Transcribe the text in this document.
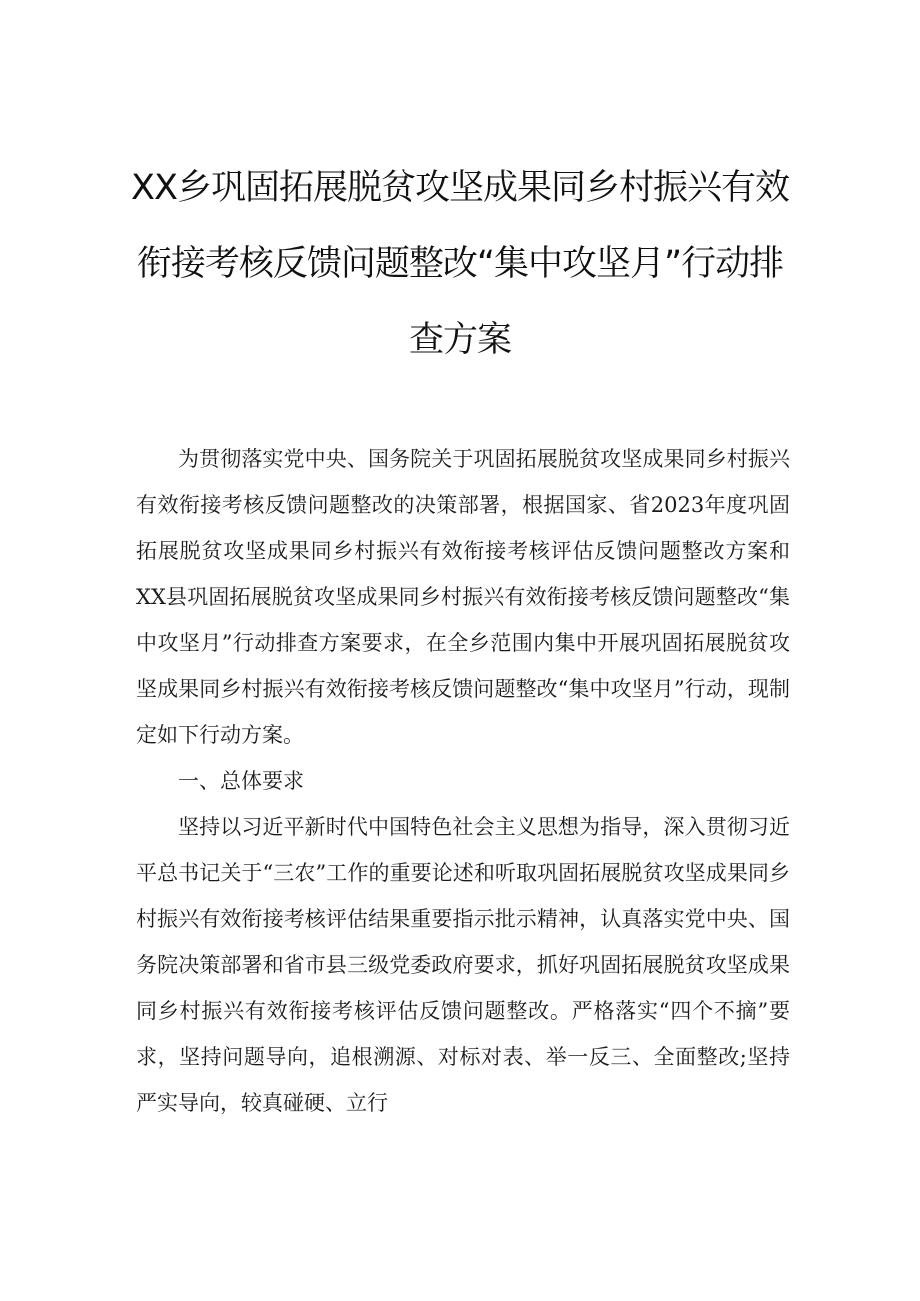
XX乡巩固拓展脱贫攻坚成果同乡村振兴有效衔接考核反馈问题整改“集中攻坚月”行动排查方案

为贯彻落实党中央、国务院关于巩固拓展脱贫攻坚成果同乡村振兴有效衔接考核反馈问题整改的决策部署，根据国家、省2023年度巩固拓展脱贫攻坚成果同乡村振兴有效衔接考核评估反馈问题整改方案和XX县巩固拓展脱贫攻坚成果同乡村振兴有效衔接考核反馈问题整改“集中攻坚月”行动排查方案要求，在全乡范围内集中开展巩固拓展脱贫攻坚成果同乡村振兴有效衔接考核反馈问题整改“集中攻坚月”行动，现制定如下行动方案。

一、总体要求

坚持以习近平新时代中国特色社会主义思想为指导，深入贯彻习近平总书记关于“三农”工作的重要论述和听取巩固拓展脱贫攻坚成果同乡村振兴有效衔接考核评估结果重要指示批示精神，认真落实党中央、国务院决策部署和省市县三级党委政府要求，抓好巩固拓展脱贫攻坚成果同乡村振兴有效衔接考核评估反馈问题整改。严格落实“四个不摘”要求，坚持问题导向，追根溯源、对标对表、举一反三、全面整改;坚持严实导向，较真碰硬、立行
